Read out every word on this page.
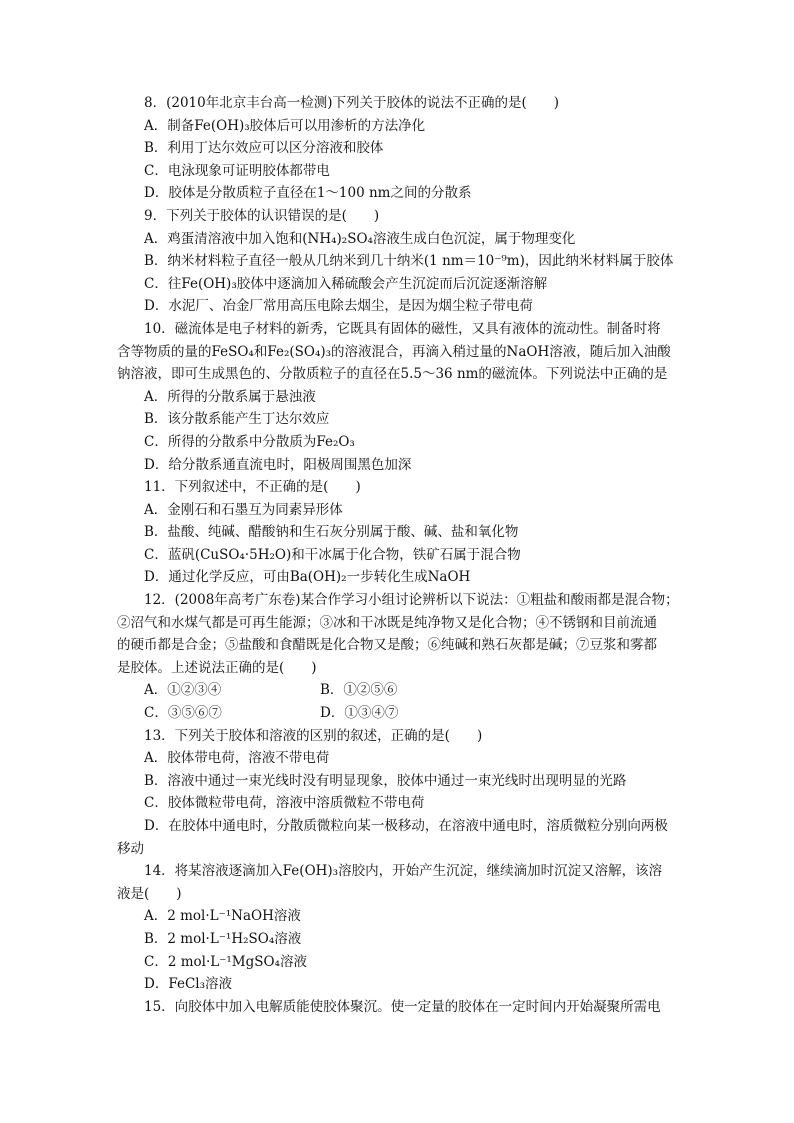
8．(2010年北京丰台高一检测)下列关于胶体的说法不正确的是(　　)
A．制备Fe(OH)₃胶体后可以用渗析的方法净化
B．利用丁达尔效应可以区分溶液和胶体
C．电泳现象可证明胶体都带电
D．胶体是分散质粒子直径在1～100 nm之间的分散系
9．下列关于胶体的认识错误的是(　　)
A．鸡蛋清溶液中加入饱和(NH₄)₂SO₄溶液生成白色沉淀，属于物理变化
B．纳米材料粒子直径一般从几纳米到几十纳米(1 nm＝10⁻⁹m)，因此纳米材料属于胶体
C．往Fe(OH)₃胶体中逐滴加入稀硫酸会产生沉淀而后沉淀逐渐溶解
D．水泥厂、冶金厂常用高压电除去烟尘，是因为烟尘粒子带电荷
10．磁流体是电子材料的新秀，它既具有固体的磁性，又具有液体的流动性。制备时将
含等物质的量的FeSO₄和Fe₂(SO₄)₃的溶液混合，再滴入稍过量的NaOH溶液，随后加入油酸
钠溶液，即可生成黑色的、分散质粒子的直径在5.5～36 nm的磁流体。下列说法中正确的是
A．所得的分散系属于悬浊液
B．该分散系能产生丁达尔效应
C．所得的分散系中分散质为Fe₂O₃
D．给分散系通直流电时，阳极周围黑色加深
11．下列叙述中，不正确的是(　　)
A．金刚石和石墨互为同素异形体
B．盐酸、纯碱、醋酸钠和生石灰分别属于酸、碱、盐和氧化物
C．蓝矾(CuSO₄·5H₂O)和干冰属于化合物，铁矿石属于混合物
D．通过化学反应，可由Ba(OH)₂一步转化生成NaOH
12．(2008年高考广东卷)某合作学习小组讨论辨析以下说法：①粗盐和酸雨都是混合物；
②沼气和水煤气都是可再生能源；③冰和干冰既是纯净物又是化合物；④不锈钢和目前流通
的硬币都是合金；⑤盐酸和食醋既是化合物又是酸；⑥纯碱和熟石灰都是碱；⑦豆浆和雾都
是胶体。上述说法正确的是(　　)
A．①②③④	B．①②⑤⑥
C．③⑤⑥⑦	D．①③④⑦
13．下列关于胶体和溶液的区别的叙述，正确的是(　　)
A．胶体带电荷，溶液不带电荷
B．溶液中通过一束光线时没有明显现象，胶体中通过一束光线时出现明显的光路
C．胶体微粒带电荷，溶液中溶质微粒不带电荷
D．在胶体中通电时，分散质微粒向某一极移动，在溶液中通电时，溶质微粒分别向两极
移动
14．将某溶液逐滴加入Fe(OH)₃溶胶内，开始产生沉淀，继续滴加时沉淀又溶解，该溶
液是(　　)
A．2 mol·L⁻¹NaOH溶液
B．2 mol·L⁻¹H₂SO₄溶液
C．2 mol·L⁻¹MgSO₄溶液
D．FeCl₃溶液
15．向胶体中加入电解质能使胶体聚沉。使一定量的胶体在一定时间内开始凝聚所需电
